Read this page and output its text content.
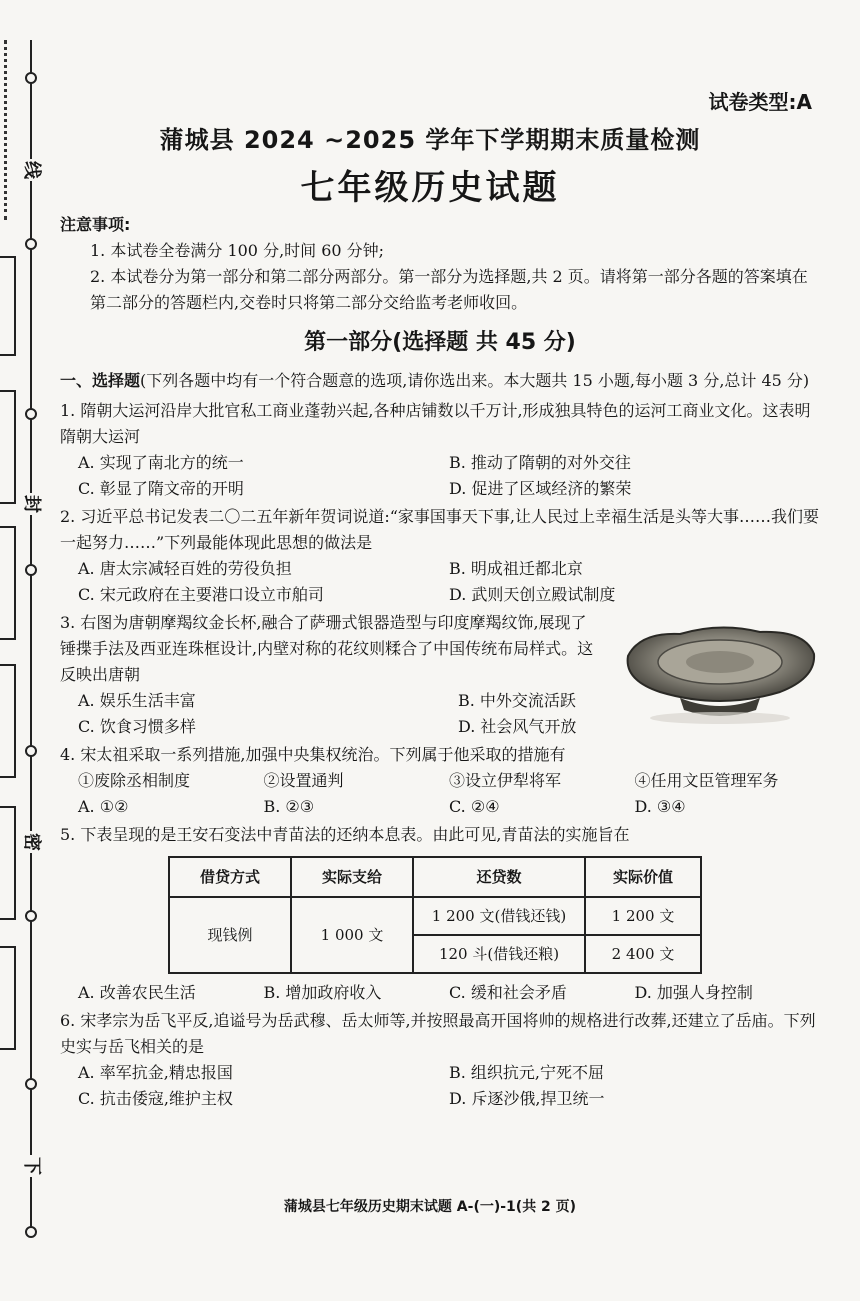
线
封
密
下
试卷类型:A
蒲城县 2024 ~2025 学年下学期期末质量检测
七年级历史试题
注意事项:
1. 本试卷全卷满分 100 分,时间 60 分钟;
2. 本试卷分为第一部分和第二部分两部分。第一部分为选择题,共 2 页。请将第一部分各题的答案填在第二部分的答题栏内,交卷时只将第二部分交给监考老师收回。
第一部分(选择题 共 45 分)
一、选择题(下列各题中均有一个符合题意的选项,请你选出来。本大题共 15 小题,每小题 3 分,总计 45 分)
1. 隋朝大运河沿岸大批官私工商业蓬勃兴起,各种店铺数以千万计,形成独具特色的运河工商业文化。这表明隋朝大运河
A. 实现了南北方的统一	B. 推动了隋朝的对外交往
C. 彰显了隋文帝的开明	D. 促进了区域经济的繁荣
2. 习近平总书记发表二〇二五年新年贺词说道:“家事国事天下事,让人民过上幸福生活是头等大事……我们要一起努力……”下列最能体现此思想的做法是
A. 唐太宗减轻百姓的劳役负担	B. 明成祖迁都北京
C. 宋元政府在主要港口设立市舶司	D. 武则天创立殿试制度
3. 右图为唐朝摩羯纹金长杯,融合了萨珊式银器造型与印度摩羯纹饰,展现了锤揲手法及西亚连珠框设计,内壁对称的花纹则糅合了中国传统布局样式。这反映出唐朝
A. 娱乐生活丰富	B. 中外交流活跃
C. 饮食习惯多样	D. 社会风气开放
4. 宋太祖采取一系列措施,加强中央集权统治。下列属于他采取的措施有
①废除丞相制度	②设置通判	③设立伊犁将军	④任用文臣管理军务
A. ①②	B. ②③	C. ②④	D. ③④
5. 下表呈现的是王安石变法中青苗法的还纳本息表。由此可见,青苗法的实施旨在
借贷方式	实际支给	还贷数	实际价值
现钱例	1 000 文	1 200 文(借钱还钱)	1 200 文
		120 斗(借钱还粮)	2 400 文
A. 改善农民生活	B. 增加政府收入	C. 缓和社会矛盾	D. 加强人身控制
6. 宋孝宗为岳飞平反,追谥号为岳武穆、岳太师等,并按照最高开国将帅的规格进行改葬,还建立了岳庙。下列史实与岳飞相关的是
A. 率军抗金,精忠报国	B. 组织抗元,宁死不屈
C. 抗击倭寇,维护主权	D. 斥逐沙俄,捍卫统一
蒲城县七年级历史期末试题 A-(一)-1(共 2 页)
